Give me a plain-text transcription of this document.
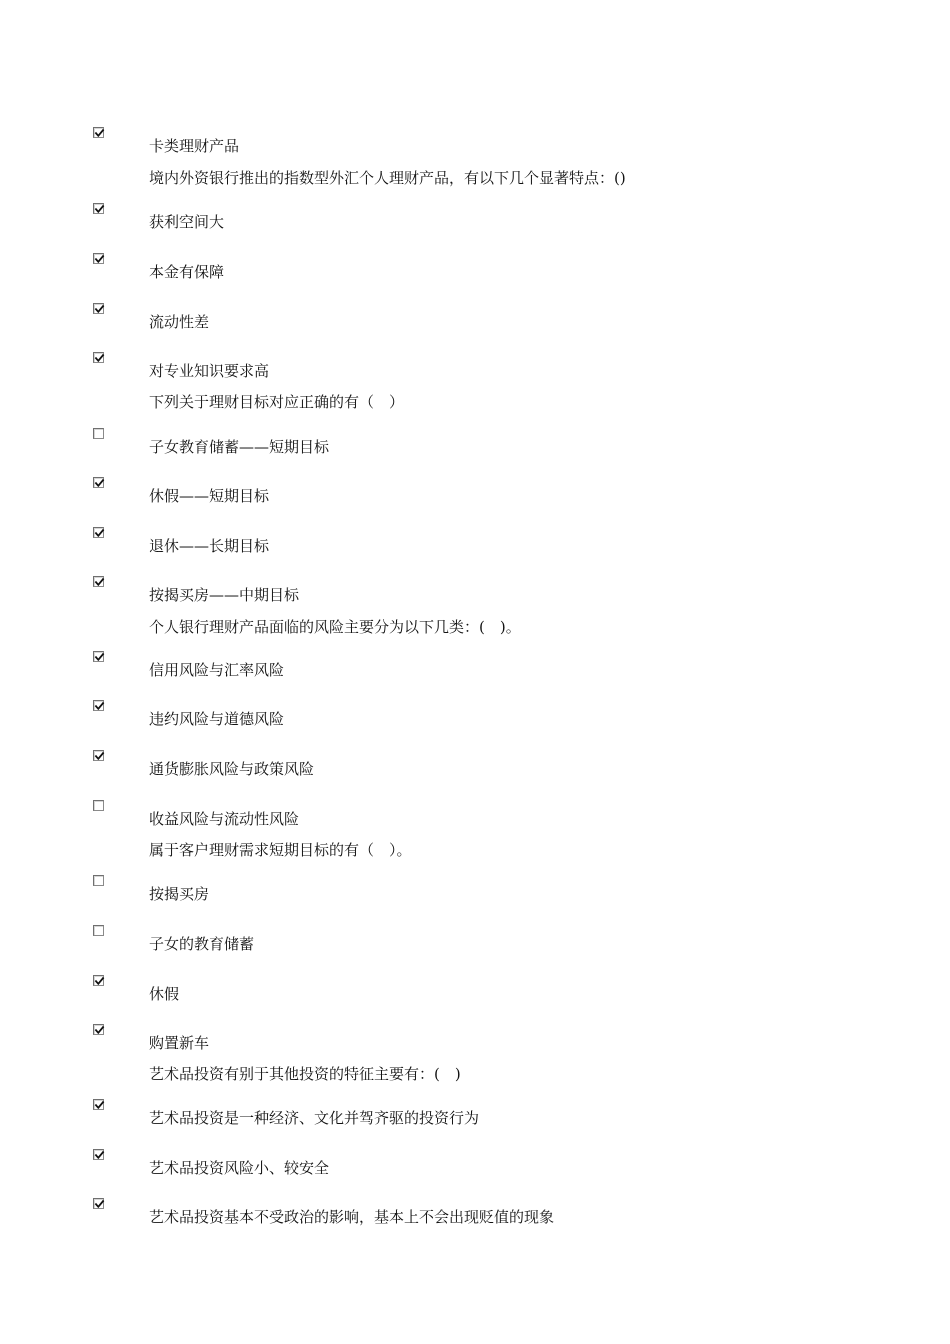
卡类理财产品
境内外资银行推出的指数型外汇个人理财产品，有以下几个显著特点：()
获利空间大
本金有保障
流动性差
对专业知识要求高
下列关于理财目标对应正确的有（　）
子女教育储蓄——短期目标
休假——短期目标
退休——长期目标
按揭买房——中期目标
个人银行理财产品面临的风险主要分为以下几类：(　)。
信用风险与汇率风险
违约风险与道德风险
通货膨胀风险与政策风险
收益风险与流动性风险
属于客户理财需求短期目标的有（　）。
按揭买房
子女的教育储蓄
休假
购置新车
艺术品投资有别于其他投资的特征主要有：(　)
艺术品投资是一种经济、文化并驾齐驱的投资行为
艺术品投资风险小、较安全
艺术品投资基本不受政治的影响，基本上不会出现贬值的现象
